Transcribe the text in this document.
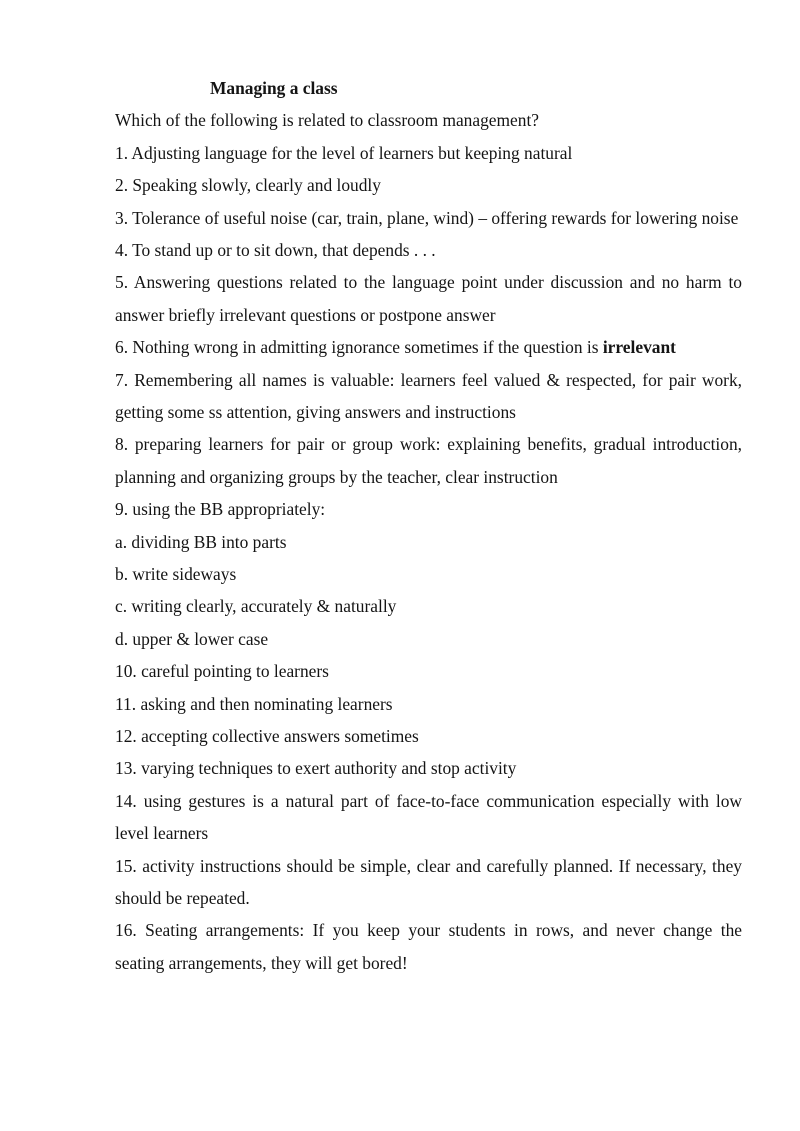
Managing a class
Which of the following is related to classroom management?
1. Adjusting language for the level of learners but keeping natural
2. Speaking slowly, clearly and loudly
3. Tolerance of useful noise (car, train, plane, wind) – offering rewards for lowering noise
4. To stand up or to sit down, that depends . . .
5. Answering questions related to the language point under discussion and no harm to answer briefly irrelevant questions or postpone answer
6. Nothing wrong in admitting ignorance sometimes if the question is irrelevant
7. Remembering all names is valuable: learners feel valued & respected, for pair work, getting some ss attention, giving answers and instructions
8. preparing learners for pair or group work: explaining benefits, gradual introduction, planning and organizing groups by the teacher, clear instruction
9. using the BB appropriately:
a. dividing BB into parts
b. write sideways
c. writing clearly, accurately & naturally
d. upper & lower case
10. careful pointing to learners
11. asking and then nominating learners
12. accepting collective answers sometimes
13. varying techniques to exert authority and stop activity
14. using gestures is a natural part of face-to-face communication especially with low level learners
15. activity instructions should be simple, clear and carefully planned. If necessary, they should be repeated.
16. Seating arrangements: If you keep your students in rows, and never change the seating arrangements, they will get bored!
